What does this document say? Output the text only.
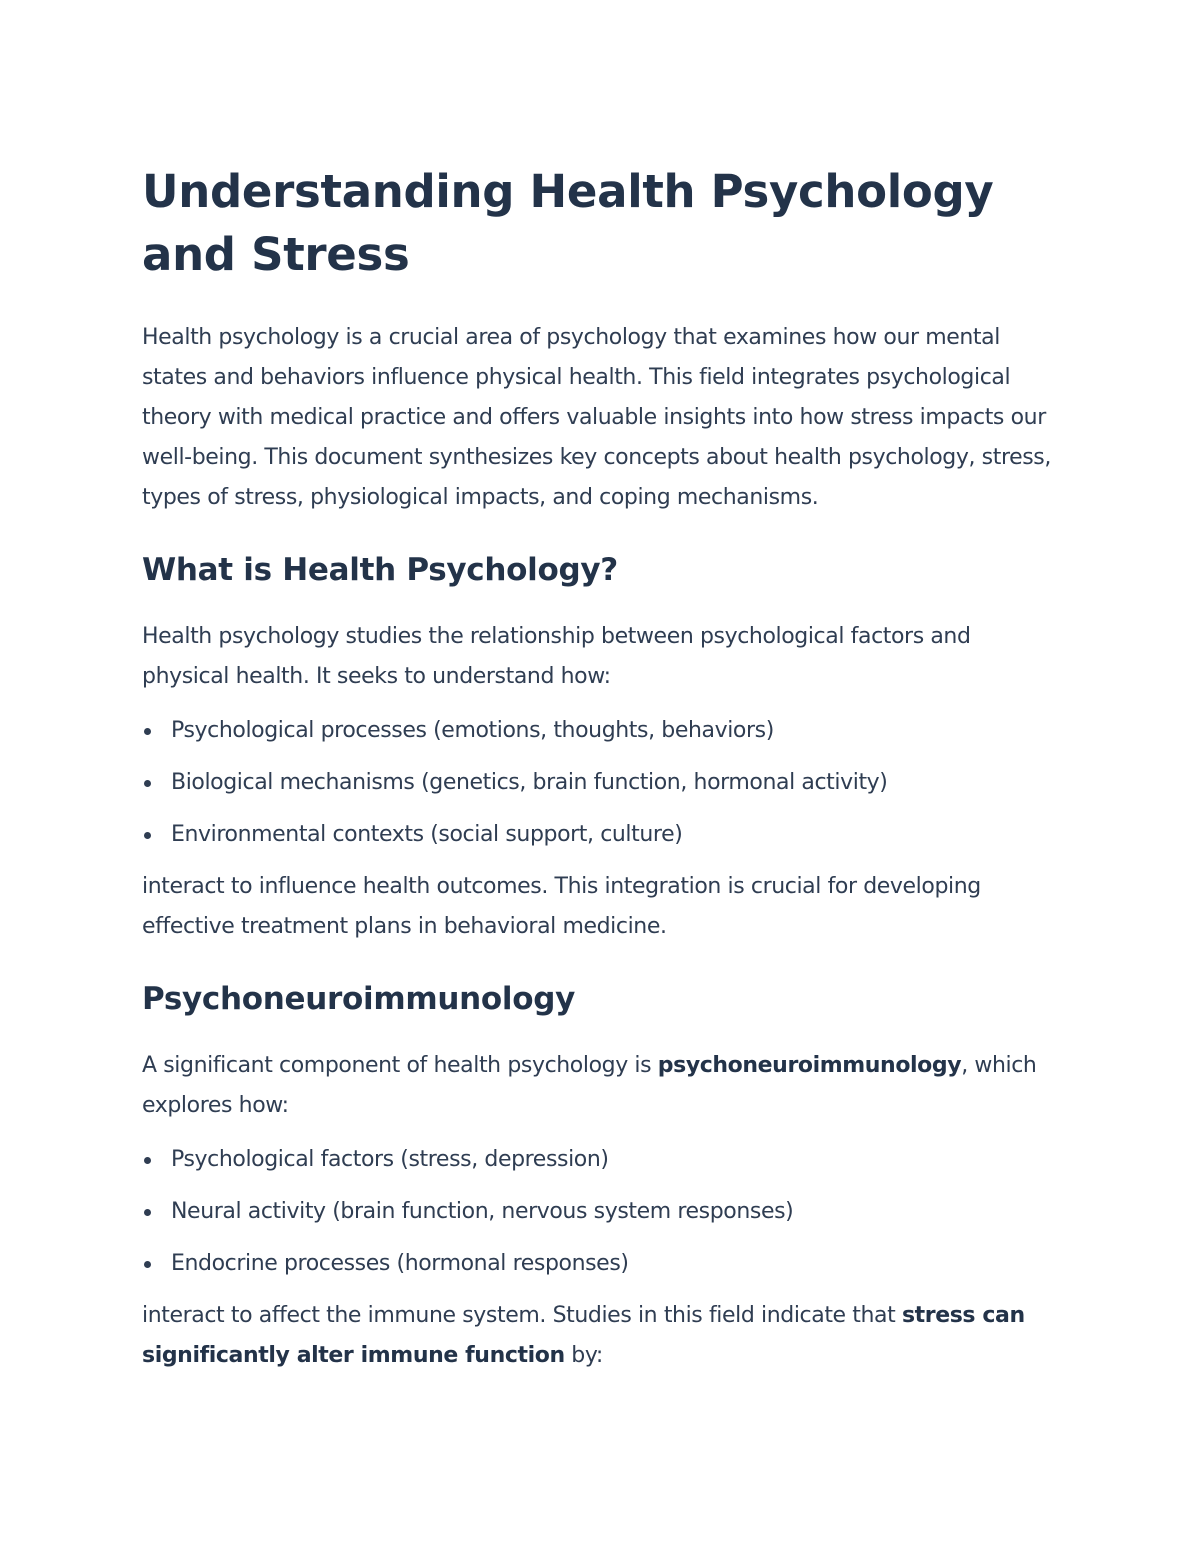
Understanding Health Psychology and Stress

Health psychology is a crucial area of psychology that examines how our mental states and behaviors influence physical health. This field integrates psychological theory with medical practice and offers valuable insights into how stress impacts our well-being. This document synthesizes key concepts about health psychology, stress, types of stress, physiological impacts, and coping mechanisms.

What is Health Psychology?

Health psychology studies the relationship between psychological factors and physical health. It seeks to understand how:

Psychological processes (emotions, thoughts, behaviors)
Biological mechanisms (genetics, brain function, hormonal activity)
Environmental contexts (social support, culture)

interact to influence health outcomes. This integration is crucial for developing effective treatment plans in behavioral medicine.

Psychoneuroimmunology

A significant component of health psychology is psychoneuroimmunology, which explores how:

Psychological factors (stress, depression)
Neural activity (brain function, nervous system responses)
Endocrine processes (hormonal responses)

interact to affect the immune system. Studies in this field indicate that stress can significantly alter immune function by:
